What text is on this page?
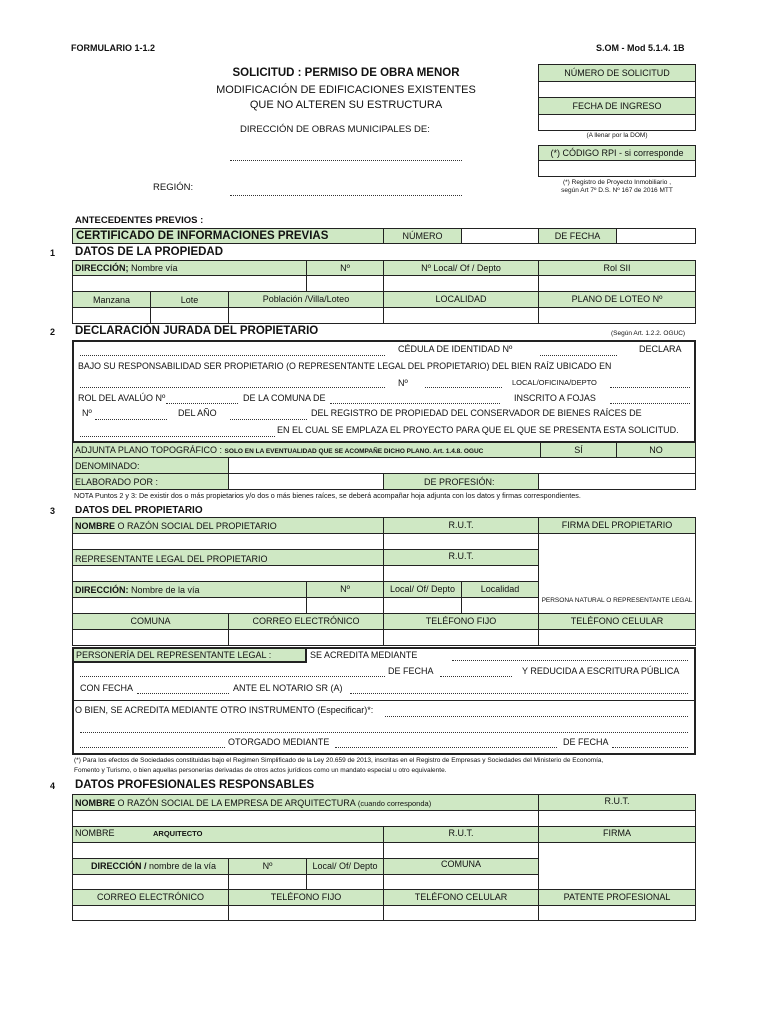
FORMULARIO 1-1.2	S.OM - Mod 5.1.4. 1B
SOLICITUD : PERMISO DE OBRA MENOR
MODIFICACIÓN DE EDIFICACIONES EXISTENTES
QUE NO ALTEREN SU ESTRUCTURA
DIRECCIÓN DE OBRAS MUNICIPALES DE:
REGIÓN:
NÚMERO DE SOLICITUD
FECHA DE INGRESO
(A llenar por la DOM)
(*) CÓDIGO RPI - si corresponde
(*) Registro de Proyecto Inmobiliario ,
según Art 7º D.S. Nº 167 de 2016 MTT
ANTECEDENTES PREVIOS :
CERTIFICADO DE INFORMACIONES PREVIAS	NÚMERO	DE FECHA
1 DATOS DE LA PROPIEDAD
DIRECCIÓN; Nombre vía	Nº	Nº Local/ Of / Depto	Rol SII
Manzana	Lote	Población /Villa/Loteo	LOCALIDAD	PLANO DE LOTEO Nº
2 DECLARACIÓN JURADA DEL PROPIETARIO	(Según Art. 1.2.2. OGUC)
CÉDULA DE IDENTIDAD Nº	DECLARA
BAJO SU RESPONSABILIDAD SER PROPIETARIO (O REPRESENTANTE LEGAL DEL PROPIETARIO) DEL BIEN RAÍZ UBICADO EN
Nº	LOCAL/OFICINA/DEPTO
ROL DEL AVALÚO Nº	DE LA COMUNA DE	INSCRITO A FOJAS
Nº	DEL AÑO	DEL REGISTRO DE PROPIEDAD DEL CONSERVADOR DE BIENES RAÍCES DE
EN EL CUAL SE EMPLAZA EL PROYECTO PARA QUE EL QUE SE PRESENTA ESTA SOLICITUD.
ADJUNTA PLANO TOPOGRÁFICO : SOLO EN LA EVENTUALIDAD QUE SE ACOMPAÑE DICHO PLANO. Art. 1.4.8. OGUC	SÍ	NO
DENOMINADO:
ELABORADO POR :	DE PROFESIÓN:
NOTA Puntos 2 y 3: De existir dos o más propietarios y/o dos o más bienes raíces, se deberá acompañar hoja adjunta con los datos y firmas correspondientes.
3 DATOS DEL PROPIETARIO
NOMBRE O RAZÓN SOCIAL DEL PROPIETARIO	R.U.T.	FIRMA DEL PROPIETARIO
PERSONA NATURAL O REPRESENTANTE LEGAL
REPRESENTANTE LEGAL DEL PROPIETARIO	R.U.T.
DIRECCIÓN: Nombre de la vía	Nº	Local/ Of/ Depto	Localidad
COMUNA	CORREO ELECTRÓNICO	TELÉFONO FIJO	TELÉFONO CELULAR
PERSONERÍA DEL REPRESENTANTE LEGAL :	SE ACREDITA MEDIANTE
DE FECHA	Y REDUCIDA A ESCRITURA PÚBLICA
CON FECHA	ANTE EL NOTARIO SR (A)
O BIEN, SE ACREDITA MEDIANTE OTRO INSTRUMENTO (Especificar)*:
OTORGADO MEDIANTE	DE FECHA
(*) Para los efectos de Sociedades constituidas bajo el Regimen Simplificado de la Ley 20.659 de 2013, inscritas en el Registro de Empresas y Sociedades del Ministerio de Economía,
Fomento y Turismo, o bien aquellas personerías derivadas de otros actos jurídicos como un mandato especial u otro equivalente.
4 DATOS PROFESIONALES RESPONSABLES
NOMBRE O RAZÓN SOCIAL DE LA EMPRESA DE ARQUITECTURA (cuando corresponda)	R.U.T.
NOMBRE	ARQUITECTO	R.U.T.	FIRMA
DIRECCIÓN / nombre de la vía	Nº	Local/ Of/ Depto	COMUNA
CORREO ELECTRÓNICO	TELÉFONO FIJO	TELÉFONO CELULAR	PATENTE PROFESIONAL
